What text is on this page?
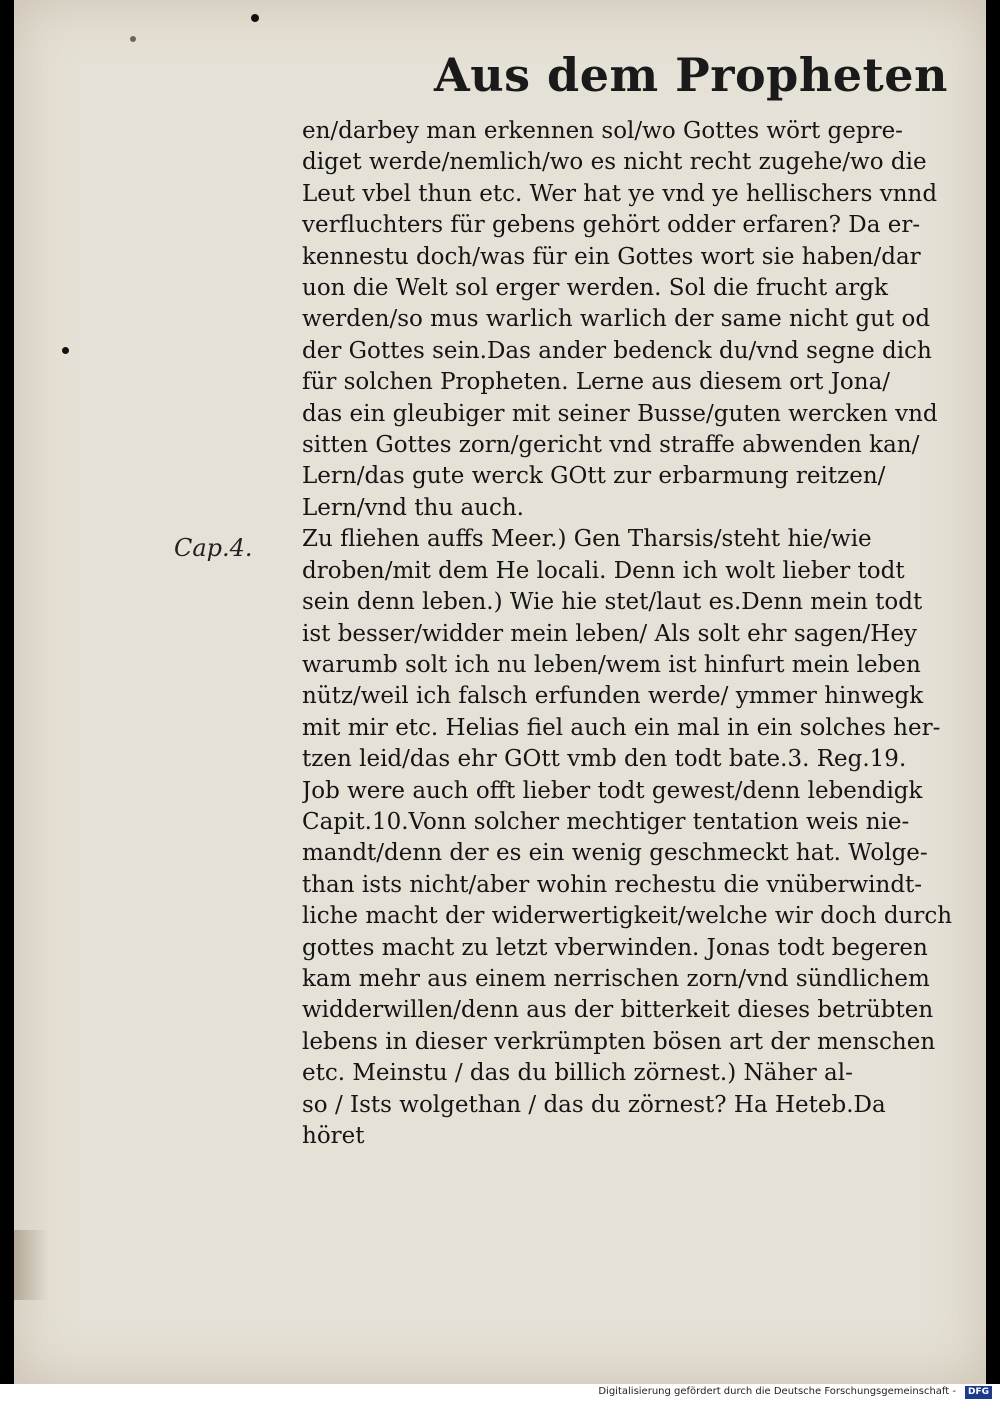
Aus dem Propheten
Cap.4.
en/darbey man erkennen sol/wo Gottes wört gepre-
diget werde/nemlich/wo es nicht recht zugehe/wo die
Leut vbel thun etc. Wer hat ye vnd ye hellischers vnnd
verfluchters für gebens gehört odder erfaren? Da er-
kennestu doch/was für ein Gottes wort sie haben/dar
uon die Welt sol erger werden. Sol die frucht argk
werden/so mus warlich warlich der same nicht gut od
der Gottes sein.Das ander bedenck du/vnd segne dich
für solchen Propheten. Lerne aus diesem ort Jona/
das ein gleubiger mit seiner Busse/guten wercken vnd
sitten Gottes zorn/gericht vnd straffe abwenden kan/
Lern/das gute werck GOtt zur erbarmung reitzen/
Lern/vnd thu auch.
Zu fliehen auffs Meer.) Gen Tharsis/steht hie/wie
droben/mit dem He locali. Denn ich wolt lieber todt
sein denn leben.) Wie hie stet/laut es.Denn mein todt
ist besser/widder mein leben/ Als solt ehr sagen/Hey
warumb solt ich nu leben/wem ist hinfurt mein leben
nütz/weil ich falsch erfunden werde/ ymmer hinwegk
mit mir etc. Helias fiel auch ein mal in ein solches her-
tzen leid/das ehr GOtt vmb den todt bate.3. Reg.19.
Job were auch offt lieber todt gewest/denn lebendigk
Capit.10.Vonn solcher mechtiger tentation weis nie-
mandt/denn der es ein wenig geschmeckt hat. Wolge-
than ists nicht/aber wohin rechestu die vnüberwindt-
liche macht der widerwertigkeit/welche wir doch durch
gottes macht zu letzt vberwinden. Jonas todt begeren
kam mehr aus einem nerrischen zorn/vnd sündlichem
widderwillen/denn aus der bitterkeit dieses betrübten
lebens in dieser verkrümpten bösen art der menschen
etc. Meinstu / das du billich zörnest.) Näher al-
so / Ists wolgethan / das du zörnest? Ha Heteb.Da
höret
Digitalisierung gefördert durch die Deutsche Forschungsgemeinschaft -	DFG
